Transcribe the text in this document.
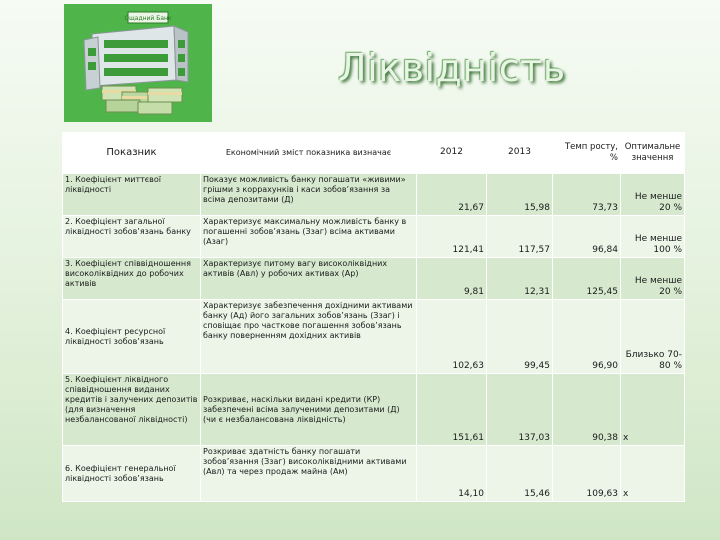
Ощадний Банк
Ліквідність
Показник	Економічний зміст показника визначає	2012	2013	Темп росту, %	Оптимальне значення
1. Коефіцієнт миттєвої ліквідності	Показує можливість банку погашати «живими» грішми з коррахунків і каси зобов’язання за всіма депозитами (Д)	21,67	15,98	73,73	Не менше 20 %
2. Коефіцієнт загальної ліквідності зобов’язань банку	Характеризує максимальну можливість банку в погашенні зобов’язань (Ззаг) всіма активами (Азаг)	121,41	117,57	96,84	Не менше 100 %
3. Коефіцієнт співвідношення високоліквідних до робочих активів	Характеризує питому вагу високоліквідних активів (Авл) у робочих активах (Ар)	9,81	12,31	125,45	Не менше 20 %
4. Коефіцієнт ресурсної ліквідності зобов’язань	Характеризує забезпечення дохідними активами банку (Ад) його загальних зобов’язань (Ззаг) і сповіщає про часткове погашення зобов’язань банку поверненням дохідних активів	102,63	99,45	96,90	Близько 70-80 %
5. Коефіцієнт ліквідного співвідношення виданих кредитів і залучених депозитів (для визначення незбалансованої ліквідності)	Розкриває, наскільки видані кредити (КР) забезпечені всіма залученими депозитами (Д) (чи є незбалансована ліквідність)	151,61	137,03	90,38	х
6. Коефіцієнт генеральної ліквідності зобов’язань	Розкриває здатність банку погашати зобов’язання (Ззаг) високоліквідними активами (Авл) та через продаж майна (Ам)	14,10	15,46	109,63	х
